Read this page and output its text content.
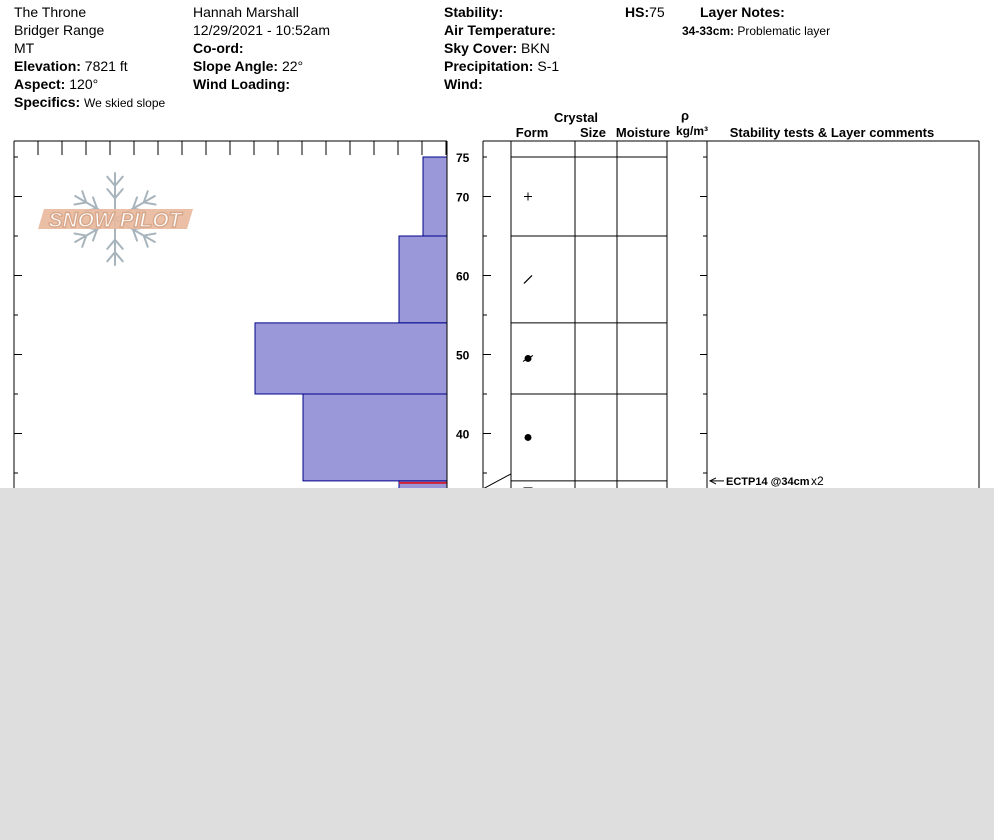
The Throne
Bridger Range
MT
Elevation: 7821 ft
Aspect: 120°
Specifics: We skied slope
Hannah Marshall
12/29/2021 - 10:52am
Co-ord:
Slope Angle: 22°
Wind Loading:
Stability:
Air Temperature:
Sky Cover: BKN
Precipitation: S-1
Wind:
HS:75	Layer Notes:
34-33cm: Problematic layer
SNOW PILOT
40
50
60
70
75
Crystal
Form Size Moisture
ρ
kg/m³ Stability tests & Layer comments
ECTP14 @34cm x2
